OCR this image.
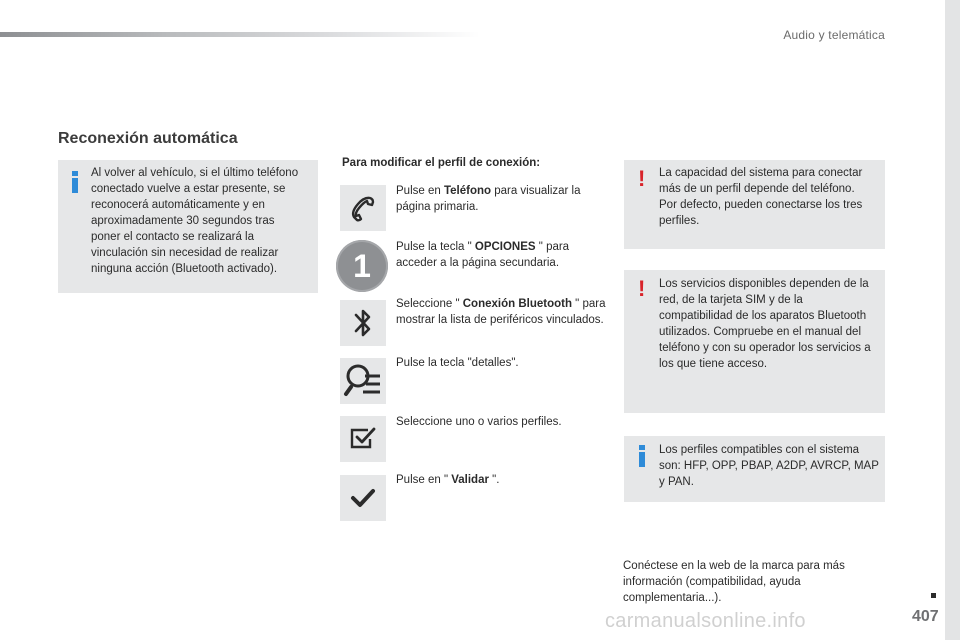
Audio y telemática
Reconexión automática
Al volver al vehículo, si el último teléfono conectado vuelve a estar presente, se reconocerá automáticamente y en aproximadamente 30 segundos tras poner el contacto se realizará la vinculación sin necesidad de realizar ninguna acción (Bluetooth activado).
Para modificar el perfil de conexión:
Pulse en Teléfono para visualizar la página primaria.
1
Pulse la tecla " OPCIONES " para acceder a la página secundaria.
Seleccione " Conexión Bluetooth " para mostrar la lista de periféricos vinculados.
Pulse la tecla "detalles".
Seleccione uno o varios perfiles.
Pulse en " Validar ".
! La capacidad del sistema para conectar más de un perfil depende del teléfono.
Por defecto, pueden conectarse los tres perfiles.
! Los servicios disponibles dependen de la red, de la tarjeta SIM y de la compatibilidad de los aparatos Bluetooth utilizados. Compruebe en el manual del teléfono y con su operador los servicios a los que tiene acceso.
Los perfiles compatibles con el sistema son: HFP, OPP, PBAP, A2DP, AVRCP, MAP y PAN.
Conéctese en la web de la marca para más información (compatibilidad, ayuda complementaria...).
carmanualsonline.info	407
